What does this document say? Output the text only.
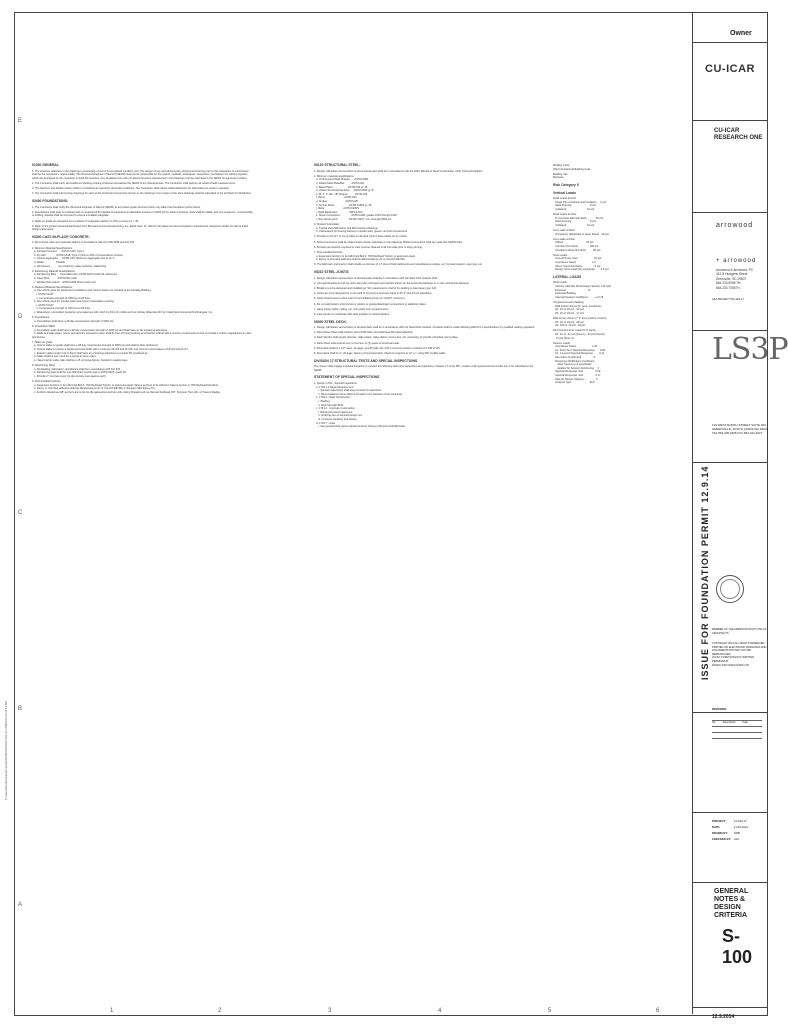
E
D
C
B
A
1	2	3	4	5	6
C:\Users\Doc\Desktop\Projects\2014\CUICAR\S-100.rvt 12/9/2014 10:44:51 AM
01000 GENERAL

1. The structure reflected on the drawings is structurally sound in its completed condition only. The design of any and all temporary shoring and bracing prior to the completion of construction shall be the contractor's responsibility. The Structural Engineer of Record (SEOR) shall not be responsible for the means, methods, techniques, sequences, procedures nor safety programs which are employed by the contractor to build the structure. Any deviations from the completed structure represented in the drawings must be submitted to the SEOR for approval in writing.

2. The Contractor shall verify all conditions including existing structures and advise the SEOR of any discrepancies. The Contractor shall perform all required field measurements.

3. The Sections and Details shown shall be considered as typical for all similar conditions. The Contractor shall submit written Requests for Information for areas in question.

4. The Contractor shall submit shop drawings for each of the structural components shown on the drawings. Four copies of the shop drawings shall be submitted to the Architect for distribution.

02400 FOUNDATIONS:

1. The Contractor shall notify the Structural Engineer of Record (SEOR) at any below grade structure which may affect the foundation performance.

2. Foundations shall bear on residual soils or engineered fill capable of supporting an allowable pressure of 3000 psf for column footings. Soils shall be stable, and non-expansive, compressible, or shifting material shall be removed to ensure a suitable subgrade.

3. Slabs on grade are designed for a modulus of subgrade reaction of 175 pci using a K = 30.

4. Refer to the project Geotechnical Report from Bunnell-Lammons Engineering, Inc. dated Sept. 12, 2014 for fill placement and compaction requirements required to obtain the above listed design parameters.

03300 CAST-IN-PLACE CONCRETE:

1. All concrete work and materials shall be in accordance with ACI 318-2008 and ACI 301.

2. Minimum Material Specifications:
a. Portland Cement:      ASTM C150, Type I
b. Fly Ash:              ASTM C618, Type F (limit to 20% of cementitious content)
c. Coarse Aggregate:     ASTM C33, Maximum Aggregate size to be 1"
d. Water:                Potable
e. Admixtures:           Air entraining, water reducing, plasticizing

3. Reinforcing Material Specifications:
a. Reinforcing Bars:     New billet bars, ASTM A615 Grade 60, deformed.
b. Steel Wire:           ASTM A82, plain
c. Welded Wire Fabric:   ASTM A185 Sheet stock only

4. Required Material Specifications:
a. Non-shrink grout for equipment foundations and column bases (as needed) at the Faraday Building
i. ASTM C1107
ii. Compressive strength of 7000 psi at 28 days
b. Non-shrink grout for precast panel and column baseplates grouting
i. ASTM C1107
ii. Compressive strength of 7000 psi at 28 days
c. Waterstops: premolded, bentonite type waterstop with 1inch by 3/4 inch profile such as Volclay Waterstop RX by Colloid Environmental Technologies, Inc.

5. Foundations:
a. Foundations shall have a 28 day compressive strength of 3000 psi.

6. Foundation Walls
a. Foundation walls shall have a 28 day compressive strength of 4000 psi and shall have an air entraining admixture.
b. Walls and slab edges, where permanently exposed to view, shall be free of honeycombing and shall be rubbed with a mixture of sand and cement to provide a uniform appearance in color and texture.

7. Slabs on grade
a. Interior slabs on grade shall have a 28 day compressive strength of 3500 psi and shall be fiber reinforced.
b. Interior slabs to receive a hardened trowel finish with a minimum FF=35 and FL=25, and minimum local values of FF=24 and FL=17.
c. Exterior slabs (under roof or floor) shall have air entraining admixture to provide 6% entrained air.
d. Slabs shall be wet cured for a period of seven days.
e. Vapor barrier under slab shall be a 15 mil polyethylene, bonded to sealing tape.

8. Reinforcing Steel
a. All detailing, fabrication, and placing shall be in accordance with ACI 315.
b. Reinforcing steel shall be new billet bars conforming to ASTM A615, grade 60.
c. Provide 2" concrete cover for all concrete cast against earth.

9. Post-Installed Anchors
a. Expansion Anchors to be Hilti Kwik Bolt 3, ITW Redhead Trubolt, or approved equal. Sleeve anchors to be Hilti HLC Sleeve Anchor or ITW Redhead Dynabolt.
b. Epoxy or chemical adhesive shall be Ramset Epcon A7 or CIA HIT-RE 500 or Simpson SET Epoxy-Tie.
c. Anchors labeled as 3/8" anchors are to be hot dip galvanized anchors with cutting threads such as Ramset Redhead 3/8", Simpson Titen HD, or Powers Wedge.

05120 STRUCTURAL STEEL:

1. Design, fabrication and erection of all structural steel shall be in accordance with the AISC Manual of Steel Construction, ASD, Thirteenth Edition.

2. Minimum material specifications:
a. W-Structural Steel Shapes:      ASTM A992
b. Rolled Steel Plate/Bar:         ASTM A36
c. Base Plates:                    ASTM A36 gr. 36
d. Hollow Structural Sections:     ASTM A500 gr. B
e. M, S, C, MC, HP Shapes:         ASTM A36
f. Pipes:                          ASTM A53
g. Angles:                         ASTM A36
h. Anchor Rods:                    ASTM F1554 gr. 36
i. Bolts:                          ASTM A325N
j. Weld Electrodes:                AWS E70xx
k. Shear Connectors:               ASTM A108, grades 1015 through 1020
l. Non-shrink grout:               ASTM C1107, min. strength 5000 psi

3. Product Submittals:
a. Typical shop fabrication and field erection drawings.
b. Calculations for bracing frames to include weld, gusset, and bolt connections.

4. Provide 2 inch (2") to top of slabs on all steel column base plates (or as noted).

5. Field connections shall be bolted unless shown otherwise on the drawings. Bolted connections shall be made with A325N bolts.

6. All steel permanently exposed to view must be cleaned of all mill scale prior to shop priming.

7. Post-installed Anchors
a. Expansion Anchors to be Hilti Kwik Bolt 3, ITW Redhead Trubolt, or approved equal.
b. Epoxy or chemical adhesive shall be Ramset Epcon A7 or CIA HIT-RE 500.

8. The fabricator and erector shall include a minimum of 1.5 tons of field weldments and miscellaneous angles, etc. for steel support, openings, etc.

05210 STEEL JOISTS:

1. Design, fabrication and erection of all steel joists shall be in accordance with the Steel Joist Institute (SJI).

2. Use special joists at roof top units using the roof layout and weights shown on the structural drawings or on the mechanical drawings.

3. Bridging is to be designed and installed per SJI requirements. Anchor by welding to steel beam (per SJI).

4. Joists are to be designed for a net uplift of 15 psf at a perimeter band of 20'-0" and 12 psf elsewhere.

5. Joists shall receive a shop coat of rust inhibitive primer (1 mil DFT minimum).

6. Do not weld bottom chord struts or girders or gravity/diaphragm connections to stabilizer plates.

7. Hang piping, lights, ceiling, etc. from joists only at panel points.

8. Joist vendor to coordinate with steel supplier for spliced girders.

05300 STEEL DECK:

1. Design, fabrication and erection of all steel deck shall be in accordance with the Steel Deck Institute. All welds shall be made following AWS D1.3 specifications by qualified welding operators.

2. Deck Sheet Steel shall conform with ASTM A611 and shall have FM Label attached.

3. Deck Vendor shall supply closures, ridge plates, valley plates, sump pans, etc. necessary to provide a finished roof surface.

4. Deck Sheet shall extend over a minimum of (3) spans of structural steel.

5. Roof deck shall be 1 1/2" deep, 22 gage, type B (wide rib), with a minimum section modulus of 0.186 in^3/ft.

6. Floor deck shall be 2", 20 gage, factory primed steel deck. Attach to supports at 12" o.c. using 5/8" puddle welds.

DIVISION 17 STRUCTURAL TESTS AND SPECIAL INSPECTIONS

The Owner shall engage a special inspector to conduct the following tests and inspections as required by Chapter 17 of the IBC. Copies of all reports and test results are to be submitted to the SEOR.

STATEMENT OF SPECIAL INSPECTIONS

1. Section 1704 - Special Inspections
a. 1704.1.2 Report Requirement.
i. Special inspector(s) shall keep records of inspections.
ii. Noncompliance items shall be brought to the attention of the contractor.
b. 1704.3 - Steel Construction
i. Welding
ii. High-Strength Bolts
c. 1704.4 - Concrete Construction
i. Reinforcing steel placement
ii. Verifying use of required design mix
iii. Concrete sampling and testing
d. 1704.7 - Soils
i. See geotechnical report requirements for testing of fill and controlled base.

Building Code
2012 International Building Code

Building Use
Business

Risk Category II
Vertical Loads

Dead Loads at Roof
Single Ply membrane and insulation     2 psf
Steel Framing                          8 psf
Collateral                             10 psf

Dead Loads at Floor
5" Concrete Slab with Deck             50 psf
Steel Framing                          8 psf
Collateral                             10 psf

Live Loads at Roof
Occupancy (Reducible or Area, Slope)   20 psf

Live Loads at Floor
Offices                                50 psf
Corridors (first floor)                100 psf
Corridors (above first floor)          80 psf

Snow Loads
Ground Snow Load                       10 psf
Importance Factor                      1.0
Flat or Snow Surcharge                 8 psf
Design Snow Load (No surcharge)        6.5 psf

LATERAL LOADS

Wind Loads
Velocity (Ultimate Wind Design Speed)  115 mph
Exposure                               B
Enclosed Building
Internal Pressure Coefficient          +/-0.18

Components and Cladding
Wall Interior Zones (ft², area, pressures)
20', 10 sf, 18 psf, -19 psf
20', 10 sf, 18 psf, -17 psf

Wall Corner Zones (7' 6" from exterior corners)
20', 10 sf, 18 psf, -28 psf
20', 100 sf, 15 psf, -18 psf

Roof Components Loads (6'-0" band)
20', 10 sf, -11 psf (Zone 1), -33 psf (Zone3),
-47 psf (Zone 3)

Seismic Loads
Importance Factor                      1.25
Ss, Short Term Spectral Response       0.28
S1, 1 second Spectral Response         0.11
Site Class (Confirmed)                 D
Response Modification Coefficient
Steel Systems not specifically
detailed for Seismic Reinforcing     3
Spectral Response, Sds                 0.29
Spectral Response, Sd1                 0.17
Seismic Design Category                C
Analysis Type                          ELF

Owner
CU-ICAR
CU-ICAR
RESEARCH ONE
arrowood
+ arrowood
Arrowood & Arrowood, PC
412 B Hudgens Street
Greenville, SC 29607
864.233.9055 Tel
864.233.7056 Fx
A&A PROJECT #12-029-17
LS3P
110 WEST NORTH STREET SUITE 300
GREENVILLE, SOUTH CAROLINA 29601
TEL 864.235.0405 FAX 864.233.4027
ISSUE FOR FOUNDATION PERMIT 12.9.14 MEMBER OF THE AMERICAN INSTITUTE OF ARCHITECTS
COPYRIGHT 2014 ALL RIGHTS RESERVED.
PRINTED OR ELECTRONIC DRAWINGS AND
DOCUMENTATION MAY NOT BE REPRODUCED
IN ANY FORM WITHOUT WRITTEN PERMISSION
FROM LS3P ASSOCIATES LTD.
REVISIONS:
No.	Description	Date
PROJECT:	12-029-17
DATE:	11.05.2014
DRAWN BY: NRB
CHECKED BY: AJA
GENERAL
NOTES &
DESIGN
CRITERIA
S-100
12.9.2014
